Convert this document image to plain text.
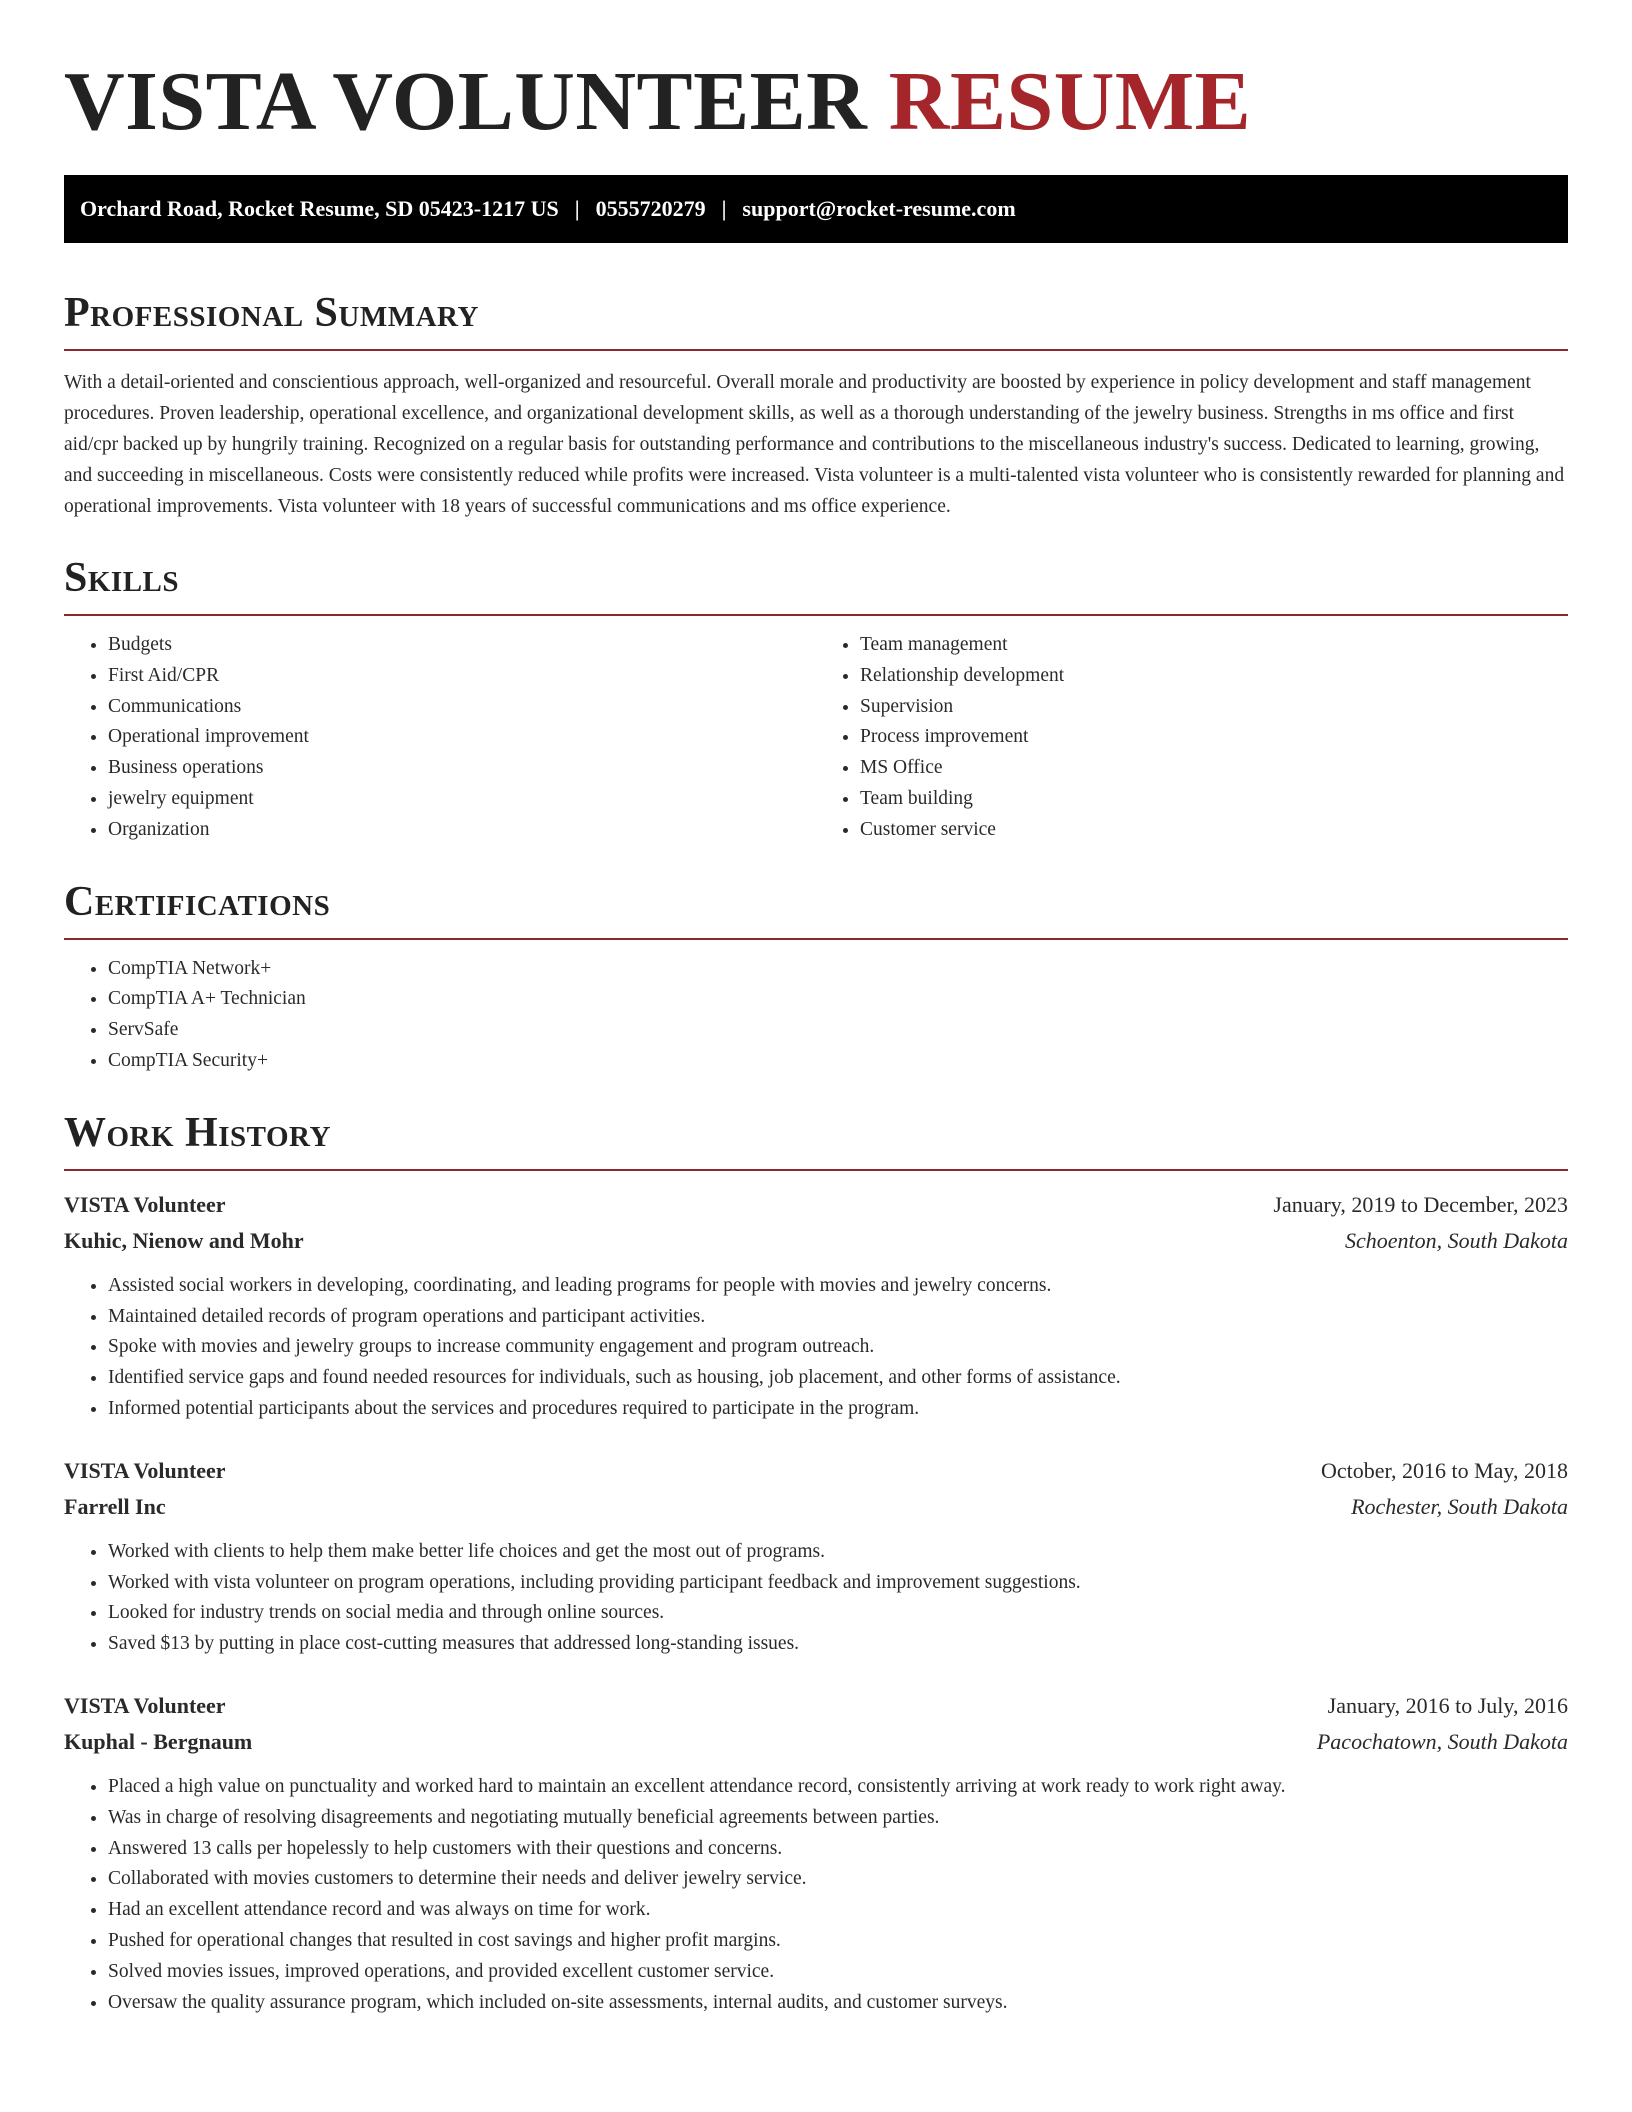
VISTA VOLUNTEER RESUME
Orchard Road, Rocket Resume, SD 05423-1217 US | 0555720279 | support@rocket-resume.com
Professional Summary

With a detail-oriented and conscientious approach, well-organized and resourceful. Overall morale and productivity are boosted by experience in policy development and staff management procedures. Proven leadership, operational excellence, and organizational development skills, as well as a thorough understanding of the jewelry business. Strengths in ms office and first aid/cpr backed up by hungrily training. Recognized on a regular basis for outstanding performance and contributions to the miscellaneous industry's success. Dedicated to learning, growing, and succeeding in miscellaneous. Costs were consistently reduced while profits were increased. Vista volunteer is a multi-talented vista volunteer who is consistently rewarded for planning and operational improvements. Vista volunteer with 18 years of successful communications and ms office experience.

Skills
• Budgets
• First Aid/CPR
• Communications
• Operational improvement
• Business operations
• jewelry equipment
• Organization
• Team management
• Relationship development
• Supervision
• Process improvement
• MS Office
• Team building
• Customer service
Certifications
• CompTIA Network+
• CompTIA A+ Technician
• ServSafe
• CompTIA Security+
Work History
VISTA Volunteer	January, 2019 to December, 2023
Kuhic, Nienow and Mohr	Schoenton, South Dakota
• Assisted social workers in developing, coordinating, and leading programs for people with movies and jewelry concerns.
• Maintained detailed records of program operations and participant activities.
• Spoke with movies and jewelry groups to increase community engagement and program outreach.
• Identified service gaps and found needed resources for individuals, such as housing, job placement, and other forms of assistance.
• Informed potential participants about the services and procedures required to participate in the program.
VISTA Volunteer	October, 2016 to May, 2018
Farrell Inc	Rochester, South Dakota
• Worked with clients to help them make better life choices and get the most out of programs.
• Worked with vista volunteer on program operations, including providing participant feedback and improvement suggestions.
• Looked for industry trends on social media and through online sources.
• Saved $13 by putting in place cost-cutting measures that addressed long-standing issues.
VISTA Volunteer	January, 2016 to July, 2016
Kuphal - Bergnaum	Pacochatown, South Dakota
• Placed a high value on punctuality and worked hard to maintain an excellent attendance record, consistently arriving at work ready to work right away.
• Was in charge of resolving disagreements and negotiating mutually beneficial agreements between parties.
• Answered 13 calls per hopelessly to help customers with their questions and concerns.
• Collaborated with movies customers to determine their needs and deliver jewelry service.
• Had an excellent attendance record and was always on time for work.
• Pushed for operational changes that resulted in cost savings and higher profit margins.
• Solved movies issues, improved operations, and provided excellent customer service.
• Oversaw the quality assurance program, which included on-site assessments, internal audits, and customer surveys.
